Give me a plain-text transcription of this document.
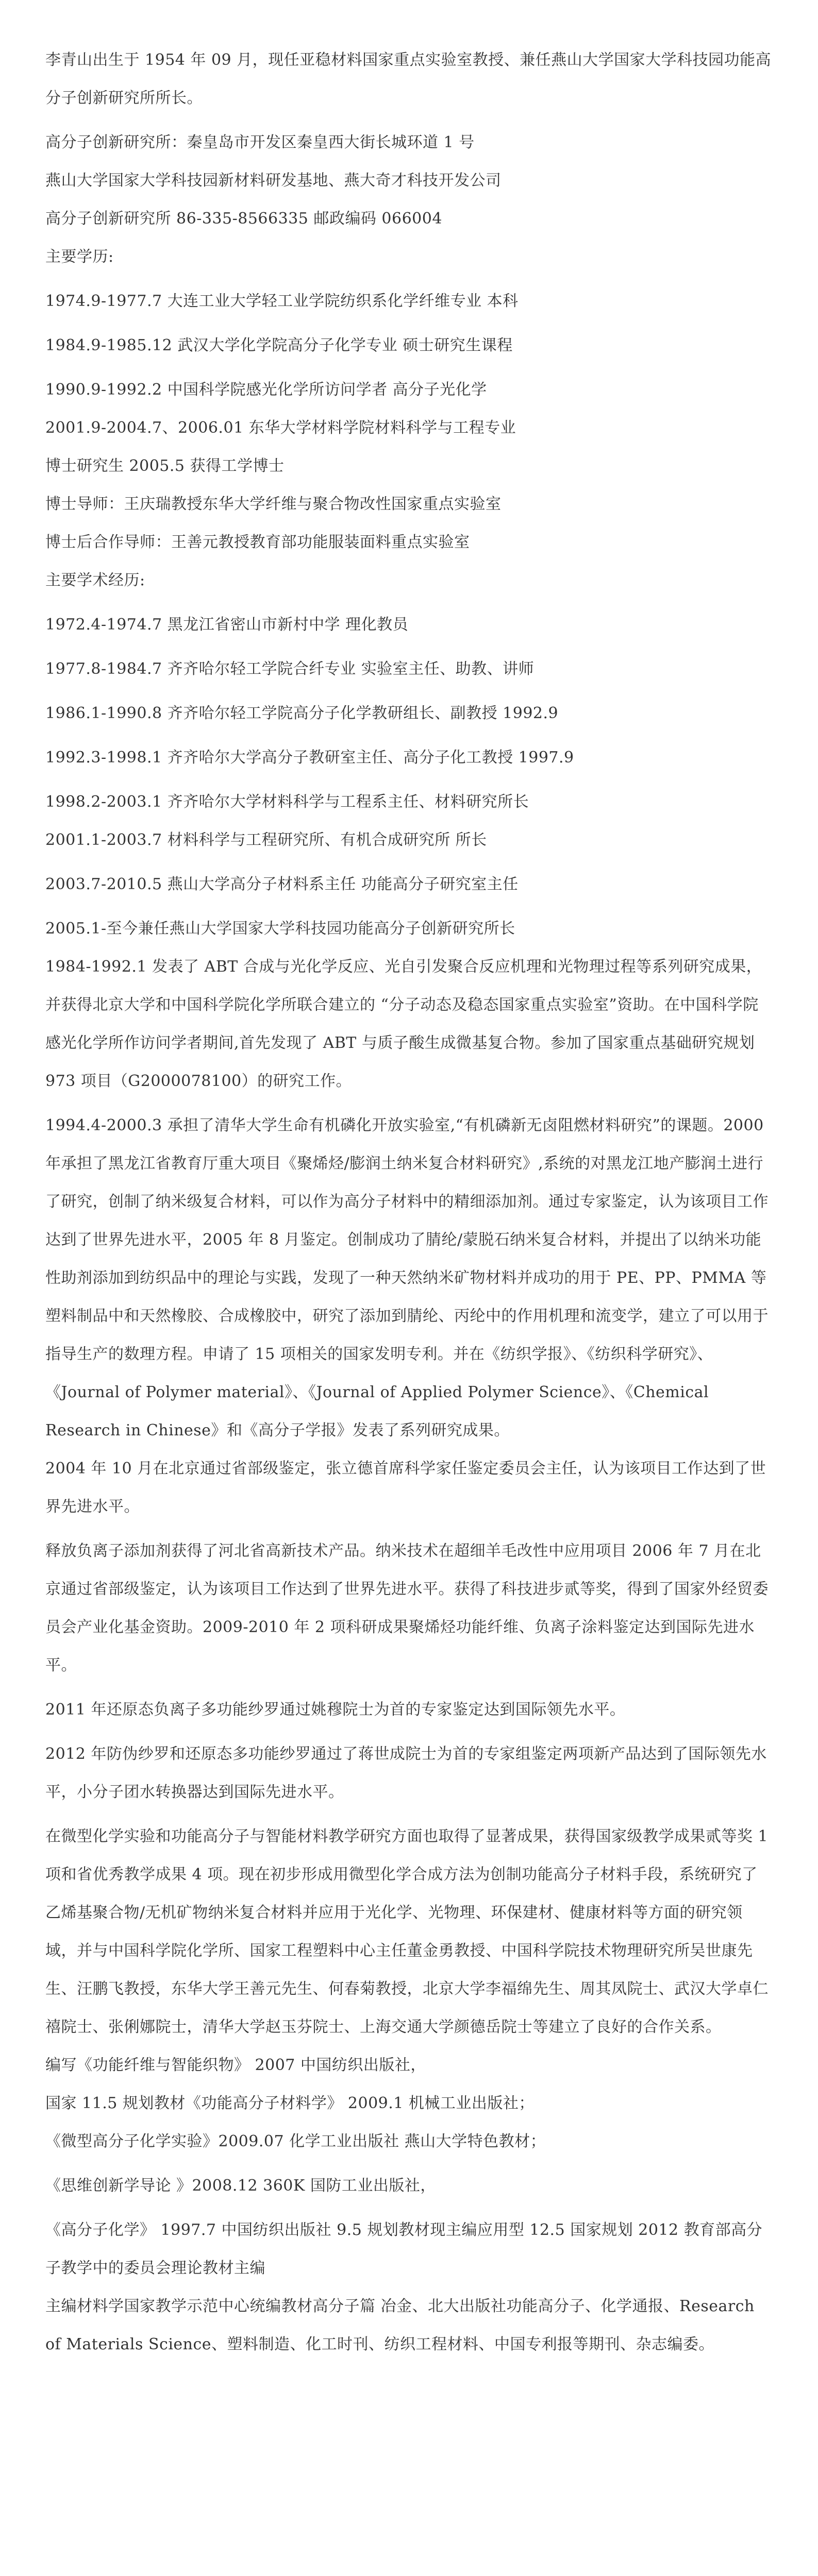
李青山出生于 1954 年 09 月，现任亚稳材料国家重点实验室教授、兼任燕山大学国家大学科技园功能高分子创新研究所所长。

高分子创新研究所：秦皇岛市开发区秦皇西大街长城环道 1 号

燕山大学国家大学科技园新材料研发基地、燕大奇才科技开发公司

高分子创新研究所 86-335-8566335 邮政编码 066004

主要学历:

1974.9-1977.7 大连工业大学轻工业学院纺织系化学纤维专业 本科

1984.9-1985.12 武汉大学化学院高分子化学专业 硕士研究生课程

1990.9-1992.2 中国科学院感光化学所访问学者 高分子光化学

2001.9-2004.7、2006.01 东华大学材料学院材料科学与工程专业

博士研究生 2005.5 获得工学博士

博士导师：王庆瑞教授东华大学纤维与聚合物改性国家重点实验室

博士后合作导师：王善元教授教育部功能服装面料重点实验室

主要学术经历:

1972.4-1974.7 黑龙江省密山市新村中学 理化教员

1977.8-1984.7 齐齐哈尔轻工学院合纤专业 实验室主任、助教、讲师

1986.1-1990.8 齐齐哈尔轻工学院高分子化学教研组长、副教授 1992.9

1992.3-1998.1 齐齐哈尔大学高分子教研室主任、高分子化工教授 1997.9

1998.2-2003.1 齐齐哈尔大学材料科学与工程系主任、材料研究所长

2001.1-2003.7 材料科学与工程研究所、有机合成研究所 所长

2003.7-2010.5 燕山大学高分子材料系主任 功能高分子研究室主任

2005.1-至今兼任燕山大学国家大学科技园功能高分子创新研究所长

1984-1992.1 发表了 ABT 合成与光化学反应、光自引发聚合反应机理和光物理过程等系列研究成果，并获得北京大学和中国科学院化学所联合建立的 “分子动态及稳态国家重点实验室”资助。在中国科学院感光化学所作访问学者期间,首先发现了 ABT 与质子酸生成微基复合物。参加了国家重点基础研究规划 973 项目（G2000078100）的研究工作。

1994.4-2000.3 承担了清华大学生命有机磷化开放实验室,“有机磷新无卤阻燃材料研究”的课题。2000 年承担了黑龙江省教育厅重大项目《聚烯烃/膨润土纳米复合材料研究》,系统的对黑龙江地产膨润土进行了研究，创制了纳米级复合材料，可以作为高分子材料中的精细添加剂。通过专家鉴定，认为该项目工作达到了世界先进水平，2005 年 8 月鉴定。创制成功了腈纶/蒙脱石纳米复合材料，并提出了以纳米功能性助剂添加到纺织品中的理论与实践，发现了一种天然纳米矿物材料并成功的用于 PE、PP、PMMA 等塑料制品中和天然橡胶、合成橡胶中，研究了添加到腈纶、丙纶中的作用机理和流变学，建立了可以用于指导生产的数理方程。申请了 15 项相关的国家发明专利。并在《纺织学报》、《纺织科学研究》、《Journal of Polymer material》、《Journal of Applied Polymer Science》、《Chemical Research in Chinese》和《高分子学报》发表了系列研究成果。

2004 年 10 月在北京通过省部级鉴定，张立德首席科学家任鉴定委员会主任，认为该项目工作达到了世界先进水平。

释放负离子添加剂获得了河北省高新技术产品。纳米技术在超细羊毛改性中应用项目 2006 年 7 月在北京通过省部级鉴定，认为该项目工作达到了世界先进水平。获得了科技进步贰等奖，得到了国家外经贸委员会产业化基金资助。2009-2010 年 2 项科研成果聚烯烃功能纤维、负离子涂料鉴定达到国际先进水平。

2011 年还原态负离子多功能纱罗通过姚穆院士为首的专家鉴定达到国际领先水平。

2012 年防伪纱罗和还原态多功能纱罗通过了蒋世成院士为首的专家组鉴定两项新产品达到了国际领先水平，小分子团水转换器达到国际先进水平。

在微型化学实验和功能高分子与智能材料教学研究方面也取得了显著成果，获得国家级教学成果贰等奖 1 项和省优秀教学成果 4 项。现在初步形成用微型化学合成方法为创制功能高分子材料手段，系统研究了乙烯基聚合物/无机矿物纳米复合材料并应用于光化学、光物理、环保建材、健康材料等方面的研究领域，并与中国科学院化学所、国家工程塑料中心主任董金勇教授、中国科学院技术物理研究所吴世康先生、汪鹏飞教授，东华大学王善元先生、何春菊教授，北京大学李福绵先生、周其凤院士、武汉大学卓仁禧院士、张俐娜院士，清华大学赵玉芬院士、上海交通大学颜德岳院士等建立了良好的合作关系。

编写《功能纤维与智能织物》 2007 中国纺织出版社，

国家 11.5 规划教材《功能高分子材料学》 2009.1 机械工业出版社；

《微型高分子化学实验》2009.07 化学工业出版社 燕山大学特色教材；

《思维创新学导论 》2008.12 360K 国防工业出版社，

《高分子化学》 1997.7 中国纺织出版社 9.5 规划教材现主编应用型 12.5 国家规划 2012 教育部高分子教学中的委员会理论教材主编

主编材料学国家教学示范中心统编教材高分子篇 冶金、北大出版社功能高分子、化学通报、Research of Materials Science、塑料制造、化工时刊、纺织工程材料、中国专利报等期刊、杂志编委。
